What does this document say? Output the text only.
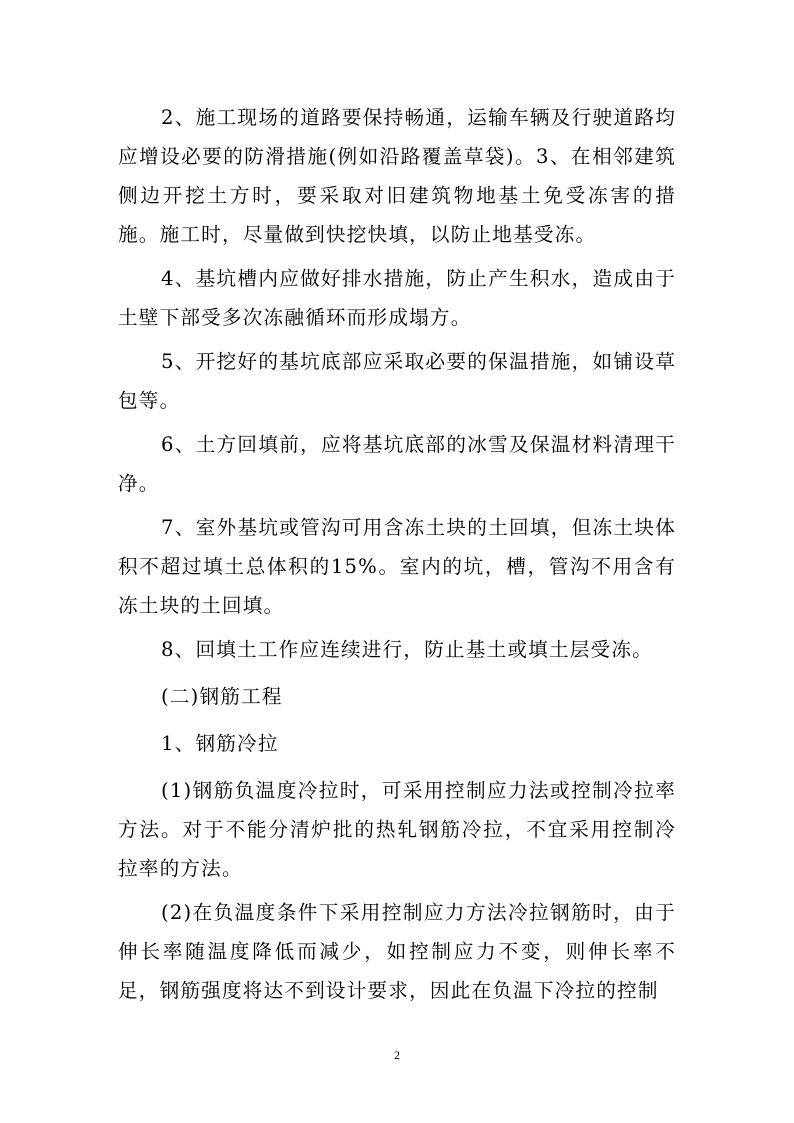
2、施工现场的道路要保持畅通，运输车辆及行驶道路均应增设必要的防滑措施(例如沿路覆盖草袋)。3、在相邻建筑侧边开挖土方时，要采取对旧建筑物地基土免受冻害的措施。施工时，尽量做到快挖快填，以防止地基受冻。

4、基坑槽内应做好排水措施，防止产生积水，造成由于土壁下部受多次冻融循环而形成塌方。

5、开挖好的基坑底部应采取必要的保温措施，如铺设草包等。

6、土方回填前，应将基坑底部的冰雪及保温材料清理干净。

7、室外基坑或管沟可用含冻土块的土回填，但冻土块体积不超过填土总体积的15%。室内的坑，槽，管沟不用含有冻土块的土回填。

8、回填土工作应连续进行，防止基土或填土层受冻。

(二)钢筋工程

1、钢筋冷拉

(1)钢筋负温度冷拉时，可采用控制应力法或控制冷拉率方法。对于不能分清炉批的热轧钢筋冷拉，不宜采用控制冷拉率的方法。

(2)在负温度条件下采用控制应力方法冷拉钢筋时，由于伸长率随温度降低而减少，如控制应力不变，则伸长率不足，钢筋强度将达不到设计要求，因此在负温下冷拉的控制

2
